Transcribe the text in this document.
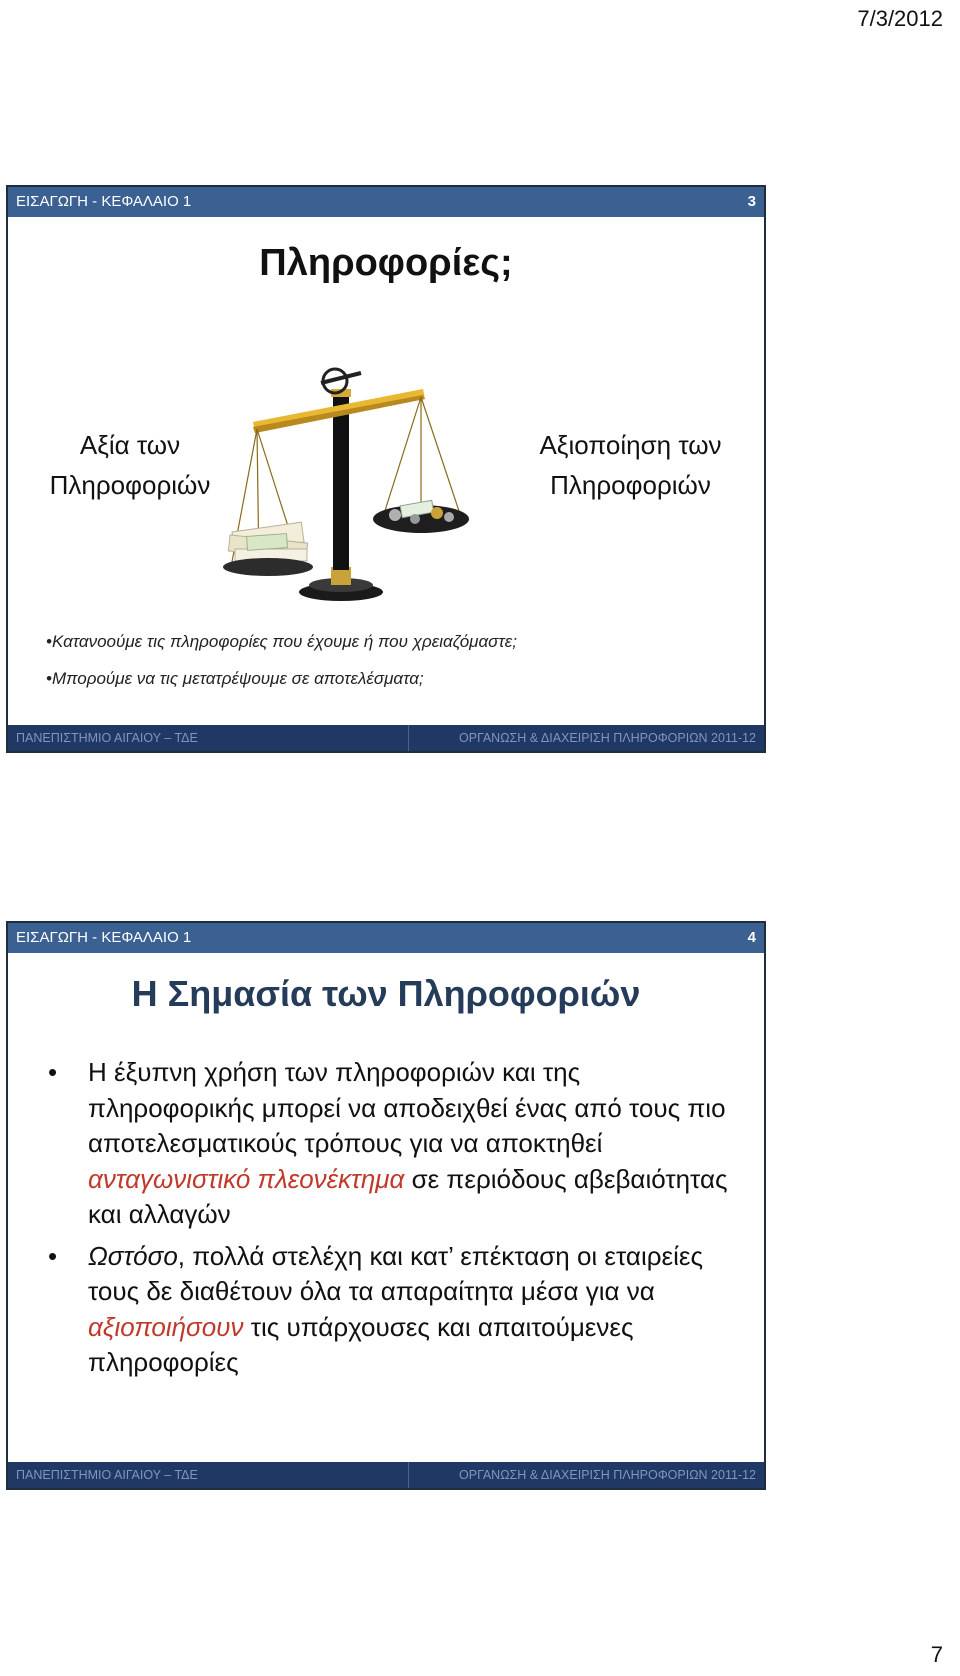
7/3/2012
ΕΙΣΑΓΩΓΗ - ΚΕΦΑΛΑΙΟ 1	3
Πληροφορίες;
Αξία των
Πληροφοριών
Αξιοποίηση των
Πληροφοριών
•Κατανοούμε τις πληροφορίες που έχουμε ή που χρειαζόμαστε;
•Μπορούμε να τις μετατρέψουμε σε αποτελέσματα;
ΠΑΝΕΠΙΣΤΗΜΙΟ ΑΙΓΑΙΟΥ – ΤΔΕ	ΟΡΓΑΝΩΣΗ & ΔΙΑΧΕΙΡΙΣΗ ΠΛΗΡΟΦΟΡΙΩΝ 2011-12
ΕΙΣΑΓΩΓΗ - ΚΕΦΑΛΑΙΟ 1	4
Η Σημασία των Πληροφοριών
• Η έξυπνη χρήση των πληροφοριών και της πληροφορικής μπορεί να αποδειχθεί ένας από τους πιο αποτελεσματικούς τρόπους για να αποκτηθεί ανταγωνιστικό πλεονέκτημα σε περιόδους αβεβαιότητας και αλλαγών
• Ωστόσο, πολλά στελέχη και κατ’ επέκταση οι εταιρείες τους δε διαθέτουν όλα τα απαραίτητα μέσα για να αξιοποιήσουν τις υπάρχουσες και απαιτούμενες πληροφορίες
ΠΑΝΕΠΙΣΤΗΜΙΟ ΑΙΓΑΙΟΥ – ΤΔΕ	ΟΡΓΑΝΩΣΗ & ΔΙΑΧΕΙΡΙΣΗ ΠΛΗΡΟΦΟΡΙΩΝ 2011-12
7
